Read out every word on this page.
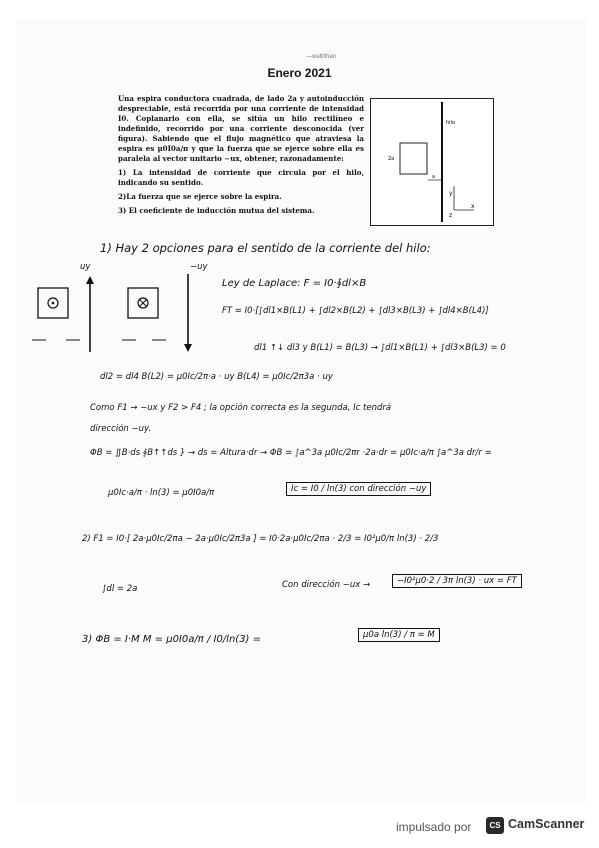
—walt/than
Enero 2021

Una espira conductora cuadrada, de lado 2a y autoinducción despreciable, está recorrida por una corriente de intensidad I0. Coplanario con ella, se sitúa un hilo rectilíneo e indefinido, recorrido por una corriente desconocida (ver figura). Sabiendo que el flujo magnético que atraviesa la espira es μ0I0a/π y que la fuerza que se ejerce sobre ella es paralela al vector unitario −ux, obtener, razonadamente:

1) La intensidad de corriente que circula por el hilo, indicando su sentido.

2)La fuerza que se ejerce sobre la espira.

3) El coeficiente de inducción mutua del sistema.

hilo
2a
a
y
x
z
uy	−uy
1) Hay 2 opciones para el sentido de la corriente del hilo:
Ley de Laplace: F = I0·∮dl×B
FT = I0·[∫dl1×B(L1) + ∫dl2×B(L2) + ∫dl3×B(L3) + ∫dl4×B(L4)]
dl1 ↑↓ dl3 y B(L1) = B(L3) → ∫dl1×B(L1) + ∫dl3×B(L3) = 0
dl2 = dl4 B(L2) = μ0Ic/2π·a · uy B(L4) = μ0Ic/2π3a · uy
Como F1 → −ux y F2 > F4 ; la opción correcta es la segunda, Ic tendrá
dirección −uy.
ΦB = ∬B·ds ∮B↑↑ds } → ds = Altura·dr → ΦB = ∫a^3a μ0Ic/2πr ·2a·dr = μ0Ic·a/π ∫a^3a dr/r =
μ0Ic·a/π · ln(3) = μ0I0a/π	Ic = I0 / ln(3) con dirección −uy
2) F1 = I0·[ 2a·μ0Ic/2πa − 2a·μ0Ic/2π3a ] = I0·2a·μ0Ic/2πa · 2/3 = I0²μ0/π ln(3) · 2/3
∫dl = 2a	Con dirección −ux →	−I0²μ0·2 / 3π ln(3) · ux = FT
3) ΦB = I·M M = μ0I0a/π / I0/ln(3) =	μ0a ln(3) / π = M
impulsado por	CS CamScanner
